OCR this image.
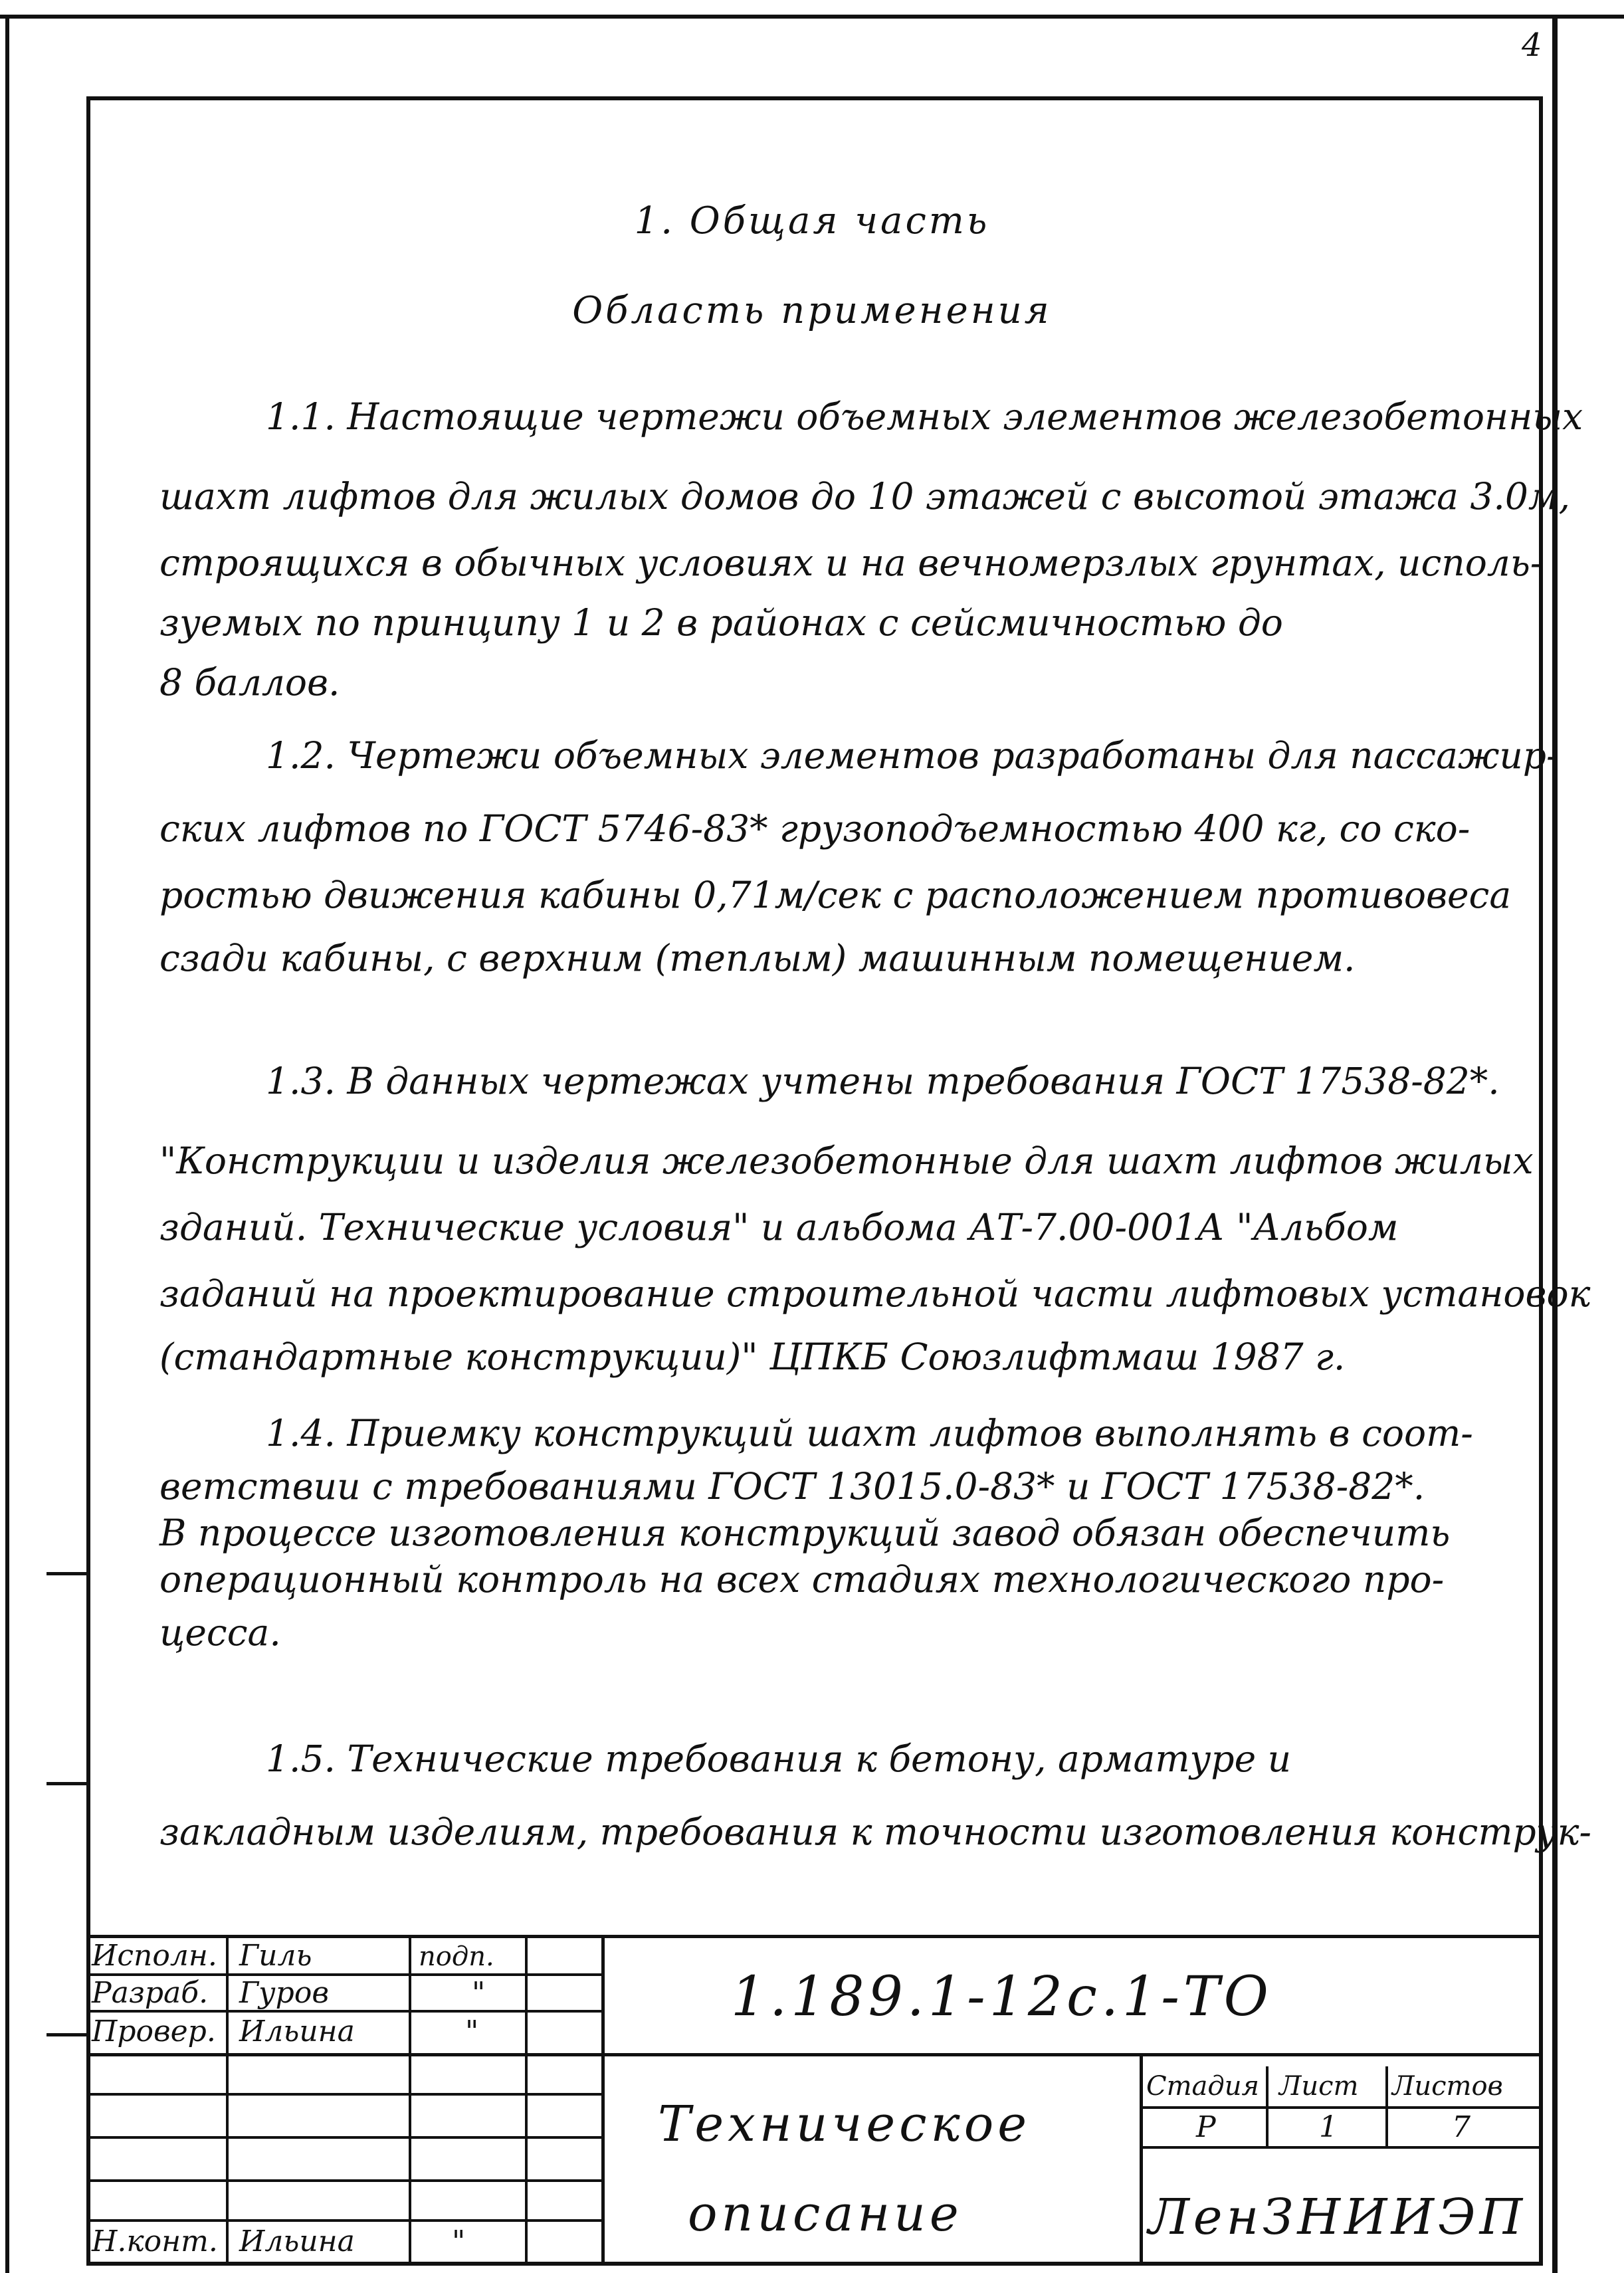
4
1. Общая часть
Область применения
1.1. Настоящие чертежи объемных элементов железобетонных
шахт лифтов для жилых домов до 10 этажей с высотой этажа 3.0м,
строящихся в обычных условиях и на вечномерзлых грунтах, исполь-
зуемых по принципу 1 и 2 в районах с сейсмичностью до
8 баллов.
1.2. Чертежи объемных элементов разработаны для пассажир-
ских лифтов по ГОСТ 5746-83* грузоподъемностью 400 кг, со ско-
ростью движения кабины 0,71м/сек с расположением противовеса
сзади кабины, с верхним (теплым) машинным помещением.
1.3. В данных чертежах учтены требования ГОСТ 17538-82*.
"Конструкции и изделия железобетонные для шахт лифтов жилых
зданий. Технические условия" и альбома АТ-7.00-001А "Альбом
заданий на проектирование строительной части лифтовых установок
(стандартные конструкции)" ЦПКБ Союзлифтмаш 1987 г.
1.4. Приемку конструкций шахт лифтов выполнять в соот-
ветствии с требованиями ГОСТ 13015.0-83* и ГОСТ 17538-82*.
В процессе изготовления конструкций завод обязан обеспечить
операционный контроль на всех стадиях технологического про-
цесса.
1.5. Технические требования к бетону, арматуре и
закладным изделиям, требования к точности изготовления конструк-
Испoлн. Гиль	подп.
Разраб. Гуров	"
Провер. Ильина	"
Н.конт. Ильина	"
1.189.1-12с.1-ТО
Техническое
описание
Стадия Лист Листов
Р	1	7
ЛенЗНИИЭП
